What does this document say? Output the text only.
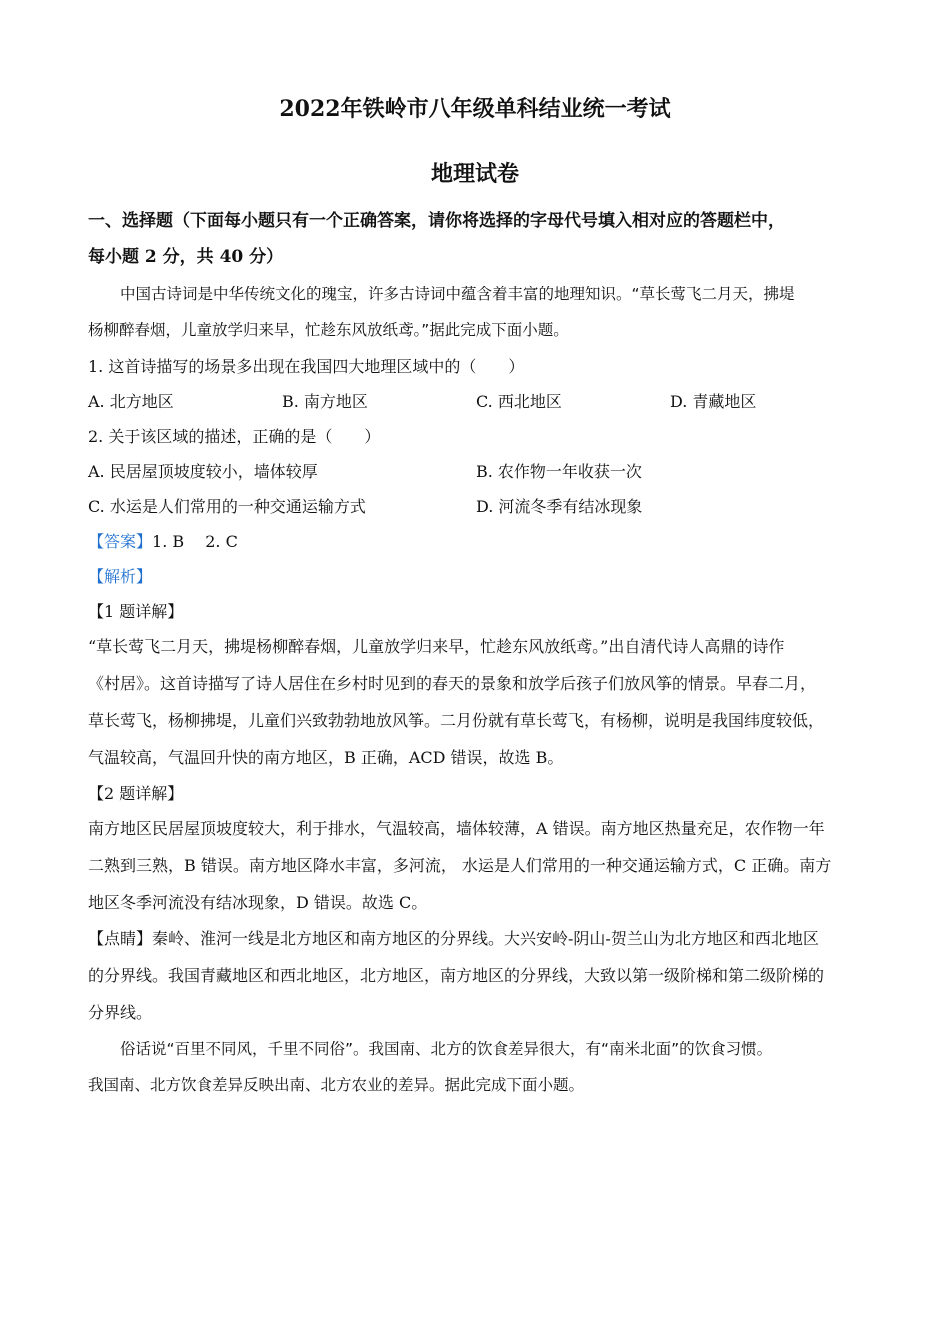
2022年铁岭市八年级单科结业统一考试
地理试卷
一、选择题（下面每小题只有一个正确答案，请你将选择的字母代号填入相对应的答题栏中，
每小题 2 分，共 40 分）
中国古诗词是中华传统文化的瑰宝，许多古诗词中蕴含着丰富的地理知识。“草长莺飞二月天，拂堤
杨柳醉春烟，儿童放学归来早，忙趁东风放纸鸢。”据此完成下面小题。
1. 这首诗描写的场景多出现在我国四大地理区域中的（　　）
A. 北方地区	B. 南方地区	C. 西北地区	D. 青藏地区
2. 关于该区域的描述，正确的是（　　）
A. 民居屋顶坡度较小，墙体较厚	B. 农作物一年收获一次
C. 水运是人们常用的一种交通运输方式	D. 河流冬季有结冰现象
【答案】1. B　 2. C
【解析】
【1 题详解】
“草长莺飞二月天，拂堤杨柳醉春烟，儿童放学归来早，忙趁东风放纸鸢。”出自清代诗人高鼎的诗作
《村居》。这首诗描写了诗人居住在乡村时见到的春天的景象和放学后孩子们放风筝的情景。早春二月，
草长莺飞，杨柳拂堤，儿童们兴致勃勃地放风筝。二月份就有草长莺飞，有杨柳，说明是我国纬度较低，
气温较高，气温回升快的南方地区，B 正确，ACD 错误，故选 B。
【2 题详解】
南方地区民居屋顶坡度较大，利于排水，气温较高，墙体较薄，A 错误。南方地区热量充足，农作物一年
二熟到三熟，B 错误。南方地区降水丰富，多河流， 水运是人们常用的一种交通运输方式，C 正确。南方
地区冬季河流没有结冰现象，D 错误。故选 C。
【点睛】秦岭、淮河一线是北方地区和南方地区的分界线。大兴安岭-阴山-贺兰山为北方地区和西北地区
的分界线。我国青藏地区和西北地区，北方地区，南方地区的分界线，大致以第一级阶梯和第二级阶梯的
分界线。
俗话说“百里不同风，千里不同俗”。我国南、北方的饮食差异很大，有“南米北面”的饮食习惯。
我国南、北方饮食差异反映出南、北方农业的差异。据此完成下面小题。
